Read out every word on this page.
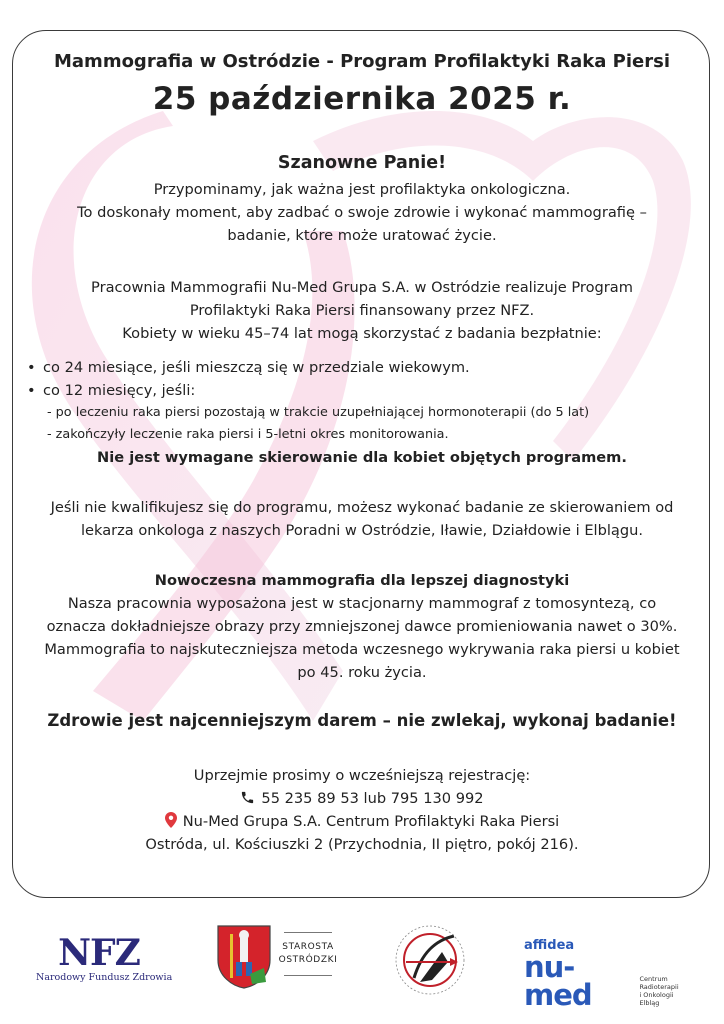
Mammografia w Ostródzie - Program Profilaktyki Raka Piersi
25 października 2025 r.
Szanowne Panie!
Przypominamy, jak ważna jest profilaktyka onkologiczna.
To doskonały moment, aby zadbać o swoje zdrowie i wykonać mammografię –
badanie, które może uratować życie.
Pracownia Mammografii Nu-Med Grupa S.A. w Ostródzie realizuje Program
Profilaktyki Raka Piersi finansowany przez NFZ.
Kobiety w wieku 45–74 lat mogą skorzystać z badania bezpłatnie:
• co 24 miesiące, jeśli mieszczą się w przedziale wiekowym.
• co 12 miesięcy, jeśli:
- po leczeniu raka piersi pozostają w trakcie uzupełniającej hormonoterapii (do 5 lat)
- zakończyły leczenie raka piersi i 5-letni okres monitorowania.
Nie jest wymagane skierowanie dla kobiet objętych programem.
Jeśli nie kwalifikujesz się do programu, możesz wykonać badanie ze skierowaniem od
lekarza onkologa z naszych Poradni w Ostródzie, Iławie, Działdowie i Elblągu.
Nowoczesna mammografia dla lepszej diagnostyki
Nasza pracownia wyposażona jest w stacjonarny mammograf z tomosyntezą, co
oznacza dokładniejsze obrazy przy zmniejszonej dawce promieniowania nawet o 30%.
Mammografia to najskuteczniejsza metoda wczesnego wykrywania raka piersi u kobiet
po 45. roku życia.
Zdrowie jest najcenniejszym darem – nie zwlekaj, wykonaj badanie!
Uprzejmie prosimy o wcześniejszą rejestrację:
55 235 89 53 lub 795 130 992
Nu-Med Grupa S.A. Centrum Profilaktyki Raka Piersi
Ostróda, ul. Kościuszki 2 (Przychodnia, II piętro, pokój 216).
NFZ
Narodowy Fundusz Zdrowia
STAROSTA
OSTRÓDZKI
affidea
nu-med	Centrum Radioterapii
i Onkologii
Elbląg
